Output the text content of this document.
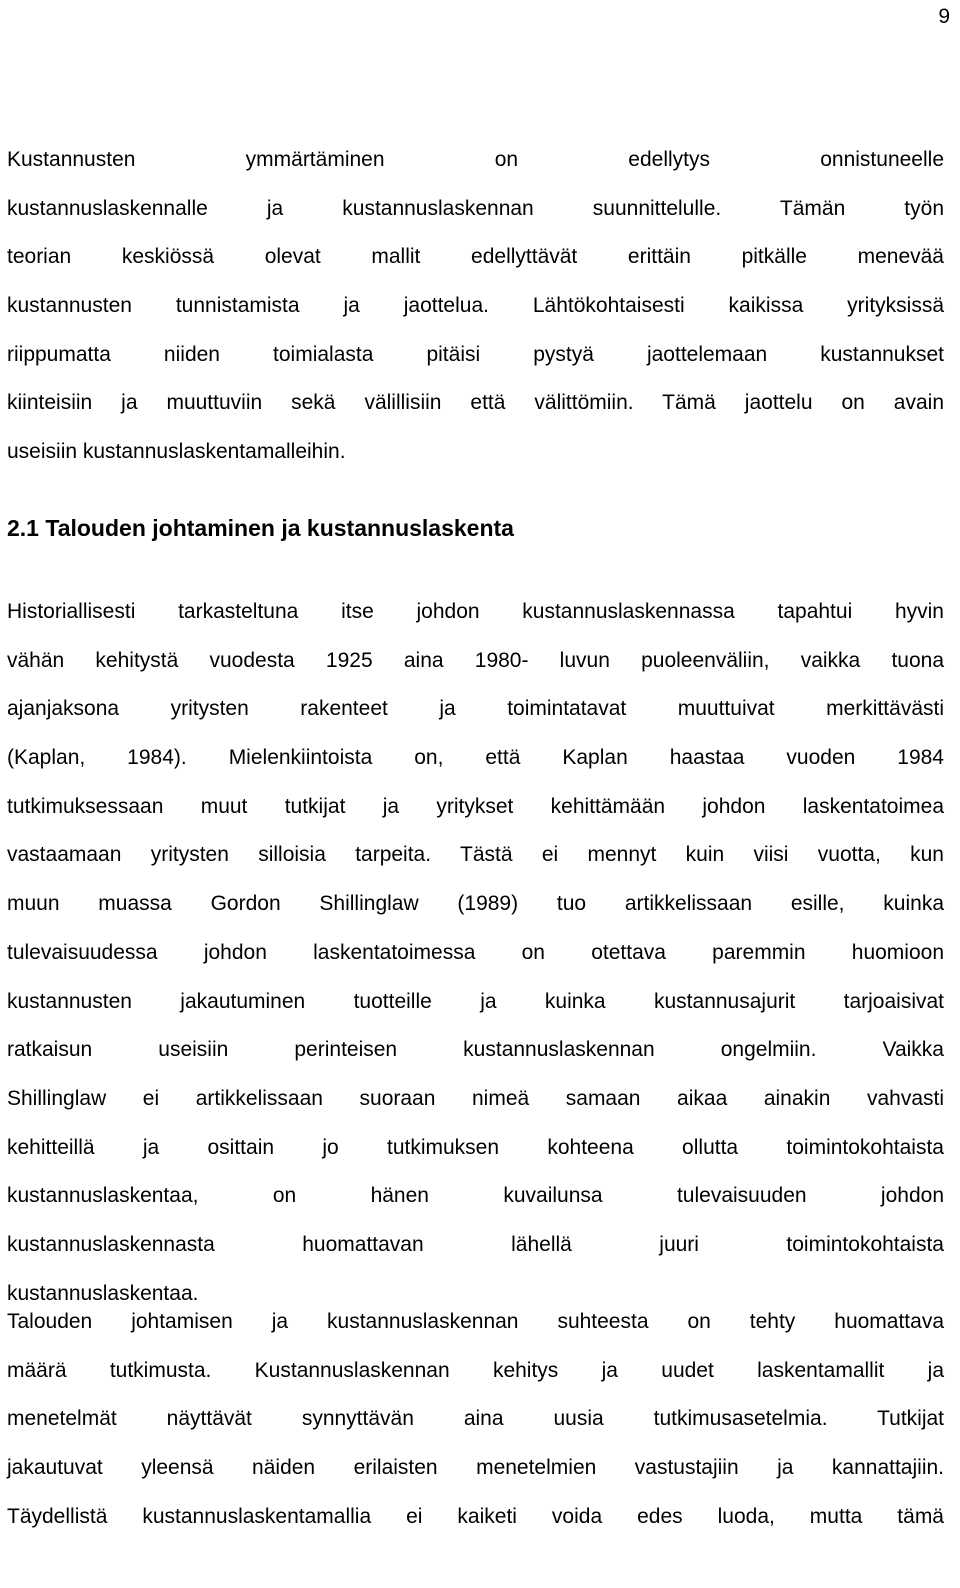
9
Kustannusten ymmärtäminen on edellytys onnistuneelle
kustannuslaskennalle ja kustannuslaskennan suunnittelulle. Tämän työn
teorian keskiössä olevat mallit edellyttävät erittäin pitkälle menevää
kustannusten tunnistamista ja jaottelua. Lähtökohtaisesti kaikissa yrityksissä
riippumatta niiden toimialasta pitäisi pystyä jaottelemaan kustannukset
kiinteisiin ja muuttuviin sekä välillisiin että välittömiin. Tämä jaottelu on avain
useisiin kustannuslaskentamalleihin.
2.1 Talouden johtaminen ja kustannuslaskenta
Historiallisesti tarkasteltuna itse johdon kustannuslaskennassa tapahtui hyvin
vähän kehitystä vuodesta 1925 aina 1980- luvun puoleenväliin, vaikka tuona
ajanjaksona yritysten rakenteet ja toimintatavat muuttuivat merkittävästi
(Kaplan, 1984). Mielenkiintoista on, että Kaplan haastaa vuoden 1984
tutkimuksessaan muut tutkijat ja yritykset kehittämään johdon laskentatoimea
vastaamaan yritysten silloisia tarpeita. Tästä ei mennyt kuin viisi vuotta, kun
muun muassa Gordon Shillinglaw (1989) tuo artikkelissaan esille, kuinka
tulevaisuudessa johdon laskentatoimessa on otettava paremmin huomioon
kustannusten jakautuminen tuotteille ja kuinka kustannusajurit tarjoaisivat
ratkaisun useisiin perinteisen kustannuslaskennan ongelmiin. Vaikka
Shillinglaw ei artikkelissaan suoraan nimeä samaan aikaa ainakin vahvasti
kehitteillä ja osittain jo tutkimuksen kohteena ollutta toimintokohtaista
kustannuslaskentaa, on hänen kuvailunsa tulevaisuuden johdon
kustannuslaskennasta huomattavan lähellä juuri toimintokohtaista
kustannuslaskentaa.
Talouden johtamisen ja kustannuslaskennan suhteesta on tehty huomattava
määrä tutkimusta. Kustannuslaskennan kehitys ja uudet laskentamallit ja
menetelmät näyttävät synnyttävän aina uusia tutkimusasetelmia. Tutkijat
jakautuvat yleensä näiden erilaisten menetelmien vastustajiin ja kannattajiin.
Täydellistä kustannuslaskentamallia ei kaiketi voida edes luoda, mutta tämä
